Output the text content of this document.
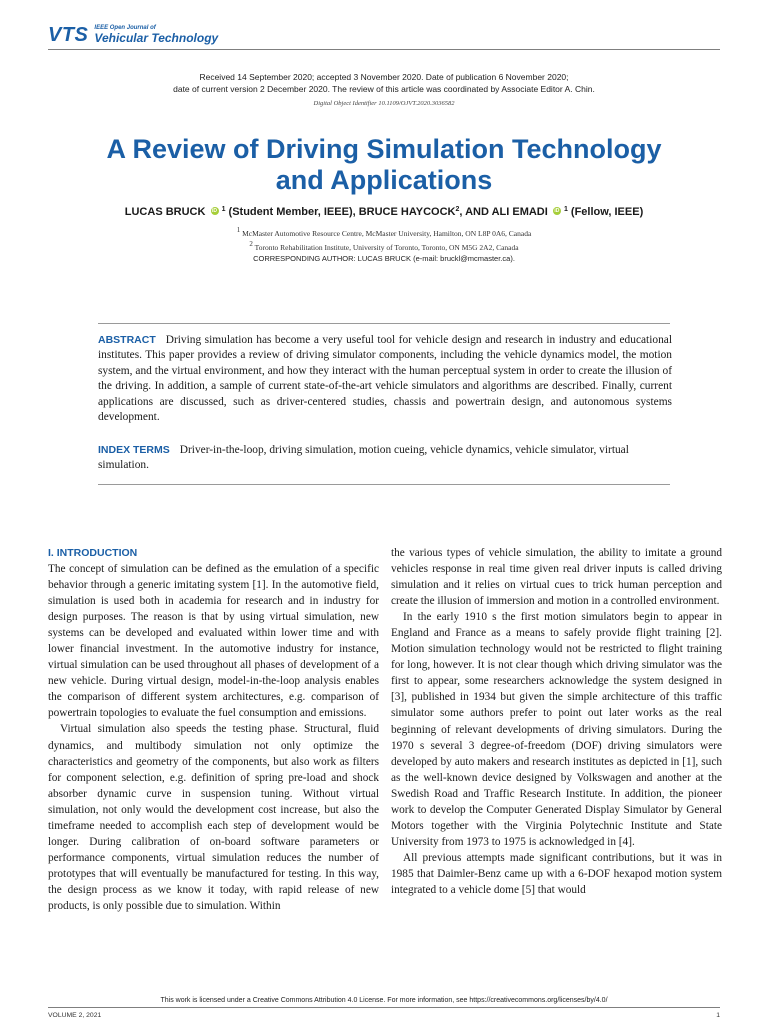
VTS IEEE Open Journal of
Vehicular Technology
Received 14 September 2020; accepted 3 November 2020. Date of publication 6 November 2020;
date of current version 2 December 2020. The review of this article was coordinated by Associate Editor A. Chin.
Digital Object Identifier 10.1109/OJVT.2020.3036582
A Review of Driving Simulation Technology
and Applications
LUCAS BRUCK iD $^1$ (Student Member, IEEE), BRUCE HAYCOCK$^2$, AND ALI EMADI iD $^1$ (Fellow, IEEE)
1 McMaster Automotive Resource Centre, McMaster University, Hamilton, ON L8P 0A6, Canada
2 Toronto Rehabilitation Institute, University of Toronto, Toronto, ON M5G 2A2, Canada
CORRESPONDING AUTHOR: LUCAS BRUCK (e-mail: bruckl@mcmaster.ca).
ABSTRACT Driving simulation has become a very useful tool for vehicle design and research in industry and educational institutes. This paper provides a review of driving simulator components, including the vehicle dynamics model, the motion system, and the virtual environment, and how they interact with the human perceptual system in order to create the illusion of the driving. In addition, a sample of current state-of-the-art vehicle simulators and algorithms are described. Finally, current applications are discussed, such as driver-centered studies, chassis and powertrain design, and autonomous systems development.
INDEX TERMS Driver-in-the-loop, driving simulation, motion cueing, vehicle dynamics, vehicle simulator, virtual simulation.
I. INTRODUCTION

The concept of simulation can be defined as the emulation of a specific behavior through a generic imitating system [1]. In the automotive field, simulation is used both in academia for research and in industry for design purposes. The reason is that by using virtual simulation, new systems can be developed and evaluated within lower time and with lower financial investment. In the automotive industry for instance, virtual simulation can be used throughout all phases of development of a new vehicle. During virtual design, model-in-the-loop analysis enables the comparison of different system architectures, e.g. comparison of powertrain topologies to evaluate the fuel consumption and emissions.

Virtual simulation also speeds the testing phase. Structural, fluid dynamics, and multibody simulation not only optimize the characteristics and geometry of the components, but also work as filters for component selection, e.g. definition of spring pre-load and shock absorber dynamic curve in suspension tuning. Without virtual simulation, not only would the development cost increase, but also the timeframe needed to accomplish each step of development would be longer. During calibration of on-board software parameters or performance components, virtual simulation reduces the number of prototypes that will eventually be manufactured for testing. In this way, the design process as we know it today, with rapid release of new products, is only possible due to simulation. Within

the various types of vehicle simulation, the ability to imitate a ground vehicles response in real time given real driver inputs is called driving simulation and it relies on virtual cues to trick human perception and create the illusion of immersion and motion in a controlled environment.

In the early 1910 s the first motion simulators begin to appear in England and France as a means to safely provide flight training [2]. Motion simulation technology would not be restricted to flight training for long, however. It is not clear though which driving simulator was the first to appear, some researchers acknowledge the system designed in [3], published in 1934 but given the simple architecture of this traffic simulator some authors prefer to point out later works as the real beginning of relevant developments of driving simulators. During the 1970 s several 3 degree-of-freedom (DOF) driving simulators were developed by auto makers and research institutes as depicted in [1], such as the well-known device designed by Volkswagen and another at the Swedish Road and Traffic Research Institute. In addition, the pioneer work to develop the Computer Generated Display Simulator by General Motors together with the Virginia Polytechnic Institute and State University from 1973 to 1975 is acknowledged in [4].

All previous attempts made significant contributions, but it was in 1985 that Daimler-Benz came up with a 6-DOF hexapod motion system integrated to a vehicle dome [5] that would

This work is licensed under a Creative Commons Attribution 4.0 License. For more information, see https://creativecommons.org/licenses/by/4.0/
VOLUME 2, 2021	1
